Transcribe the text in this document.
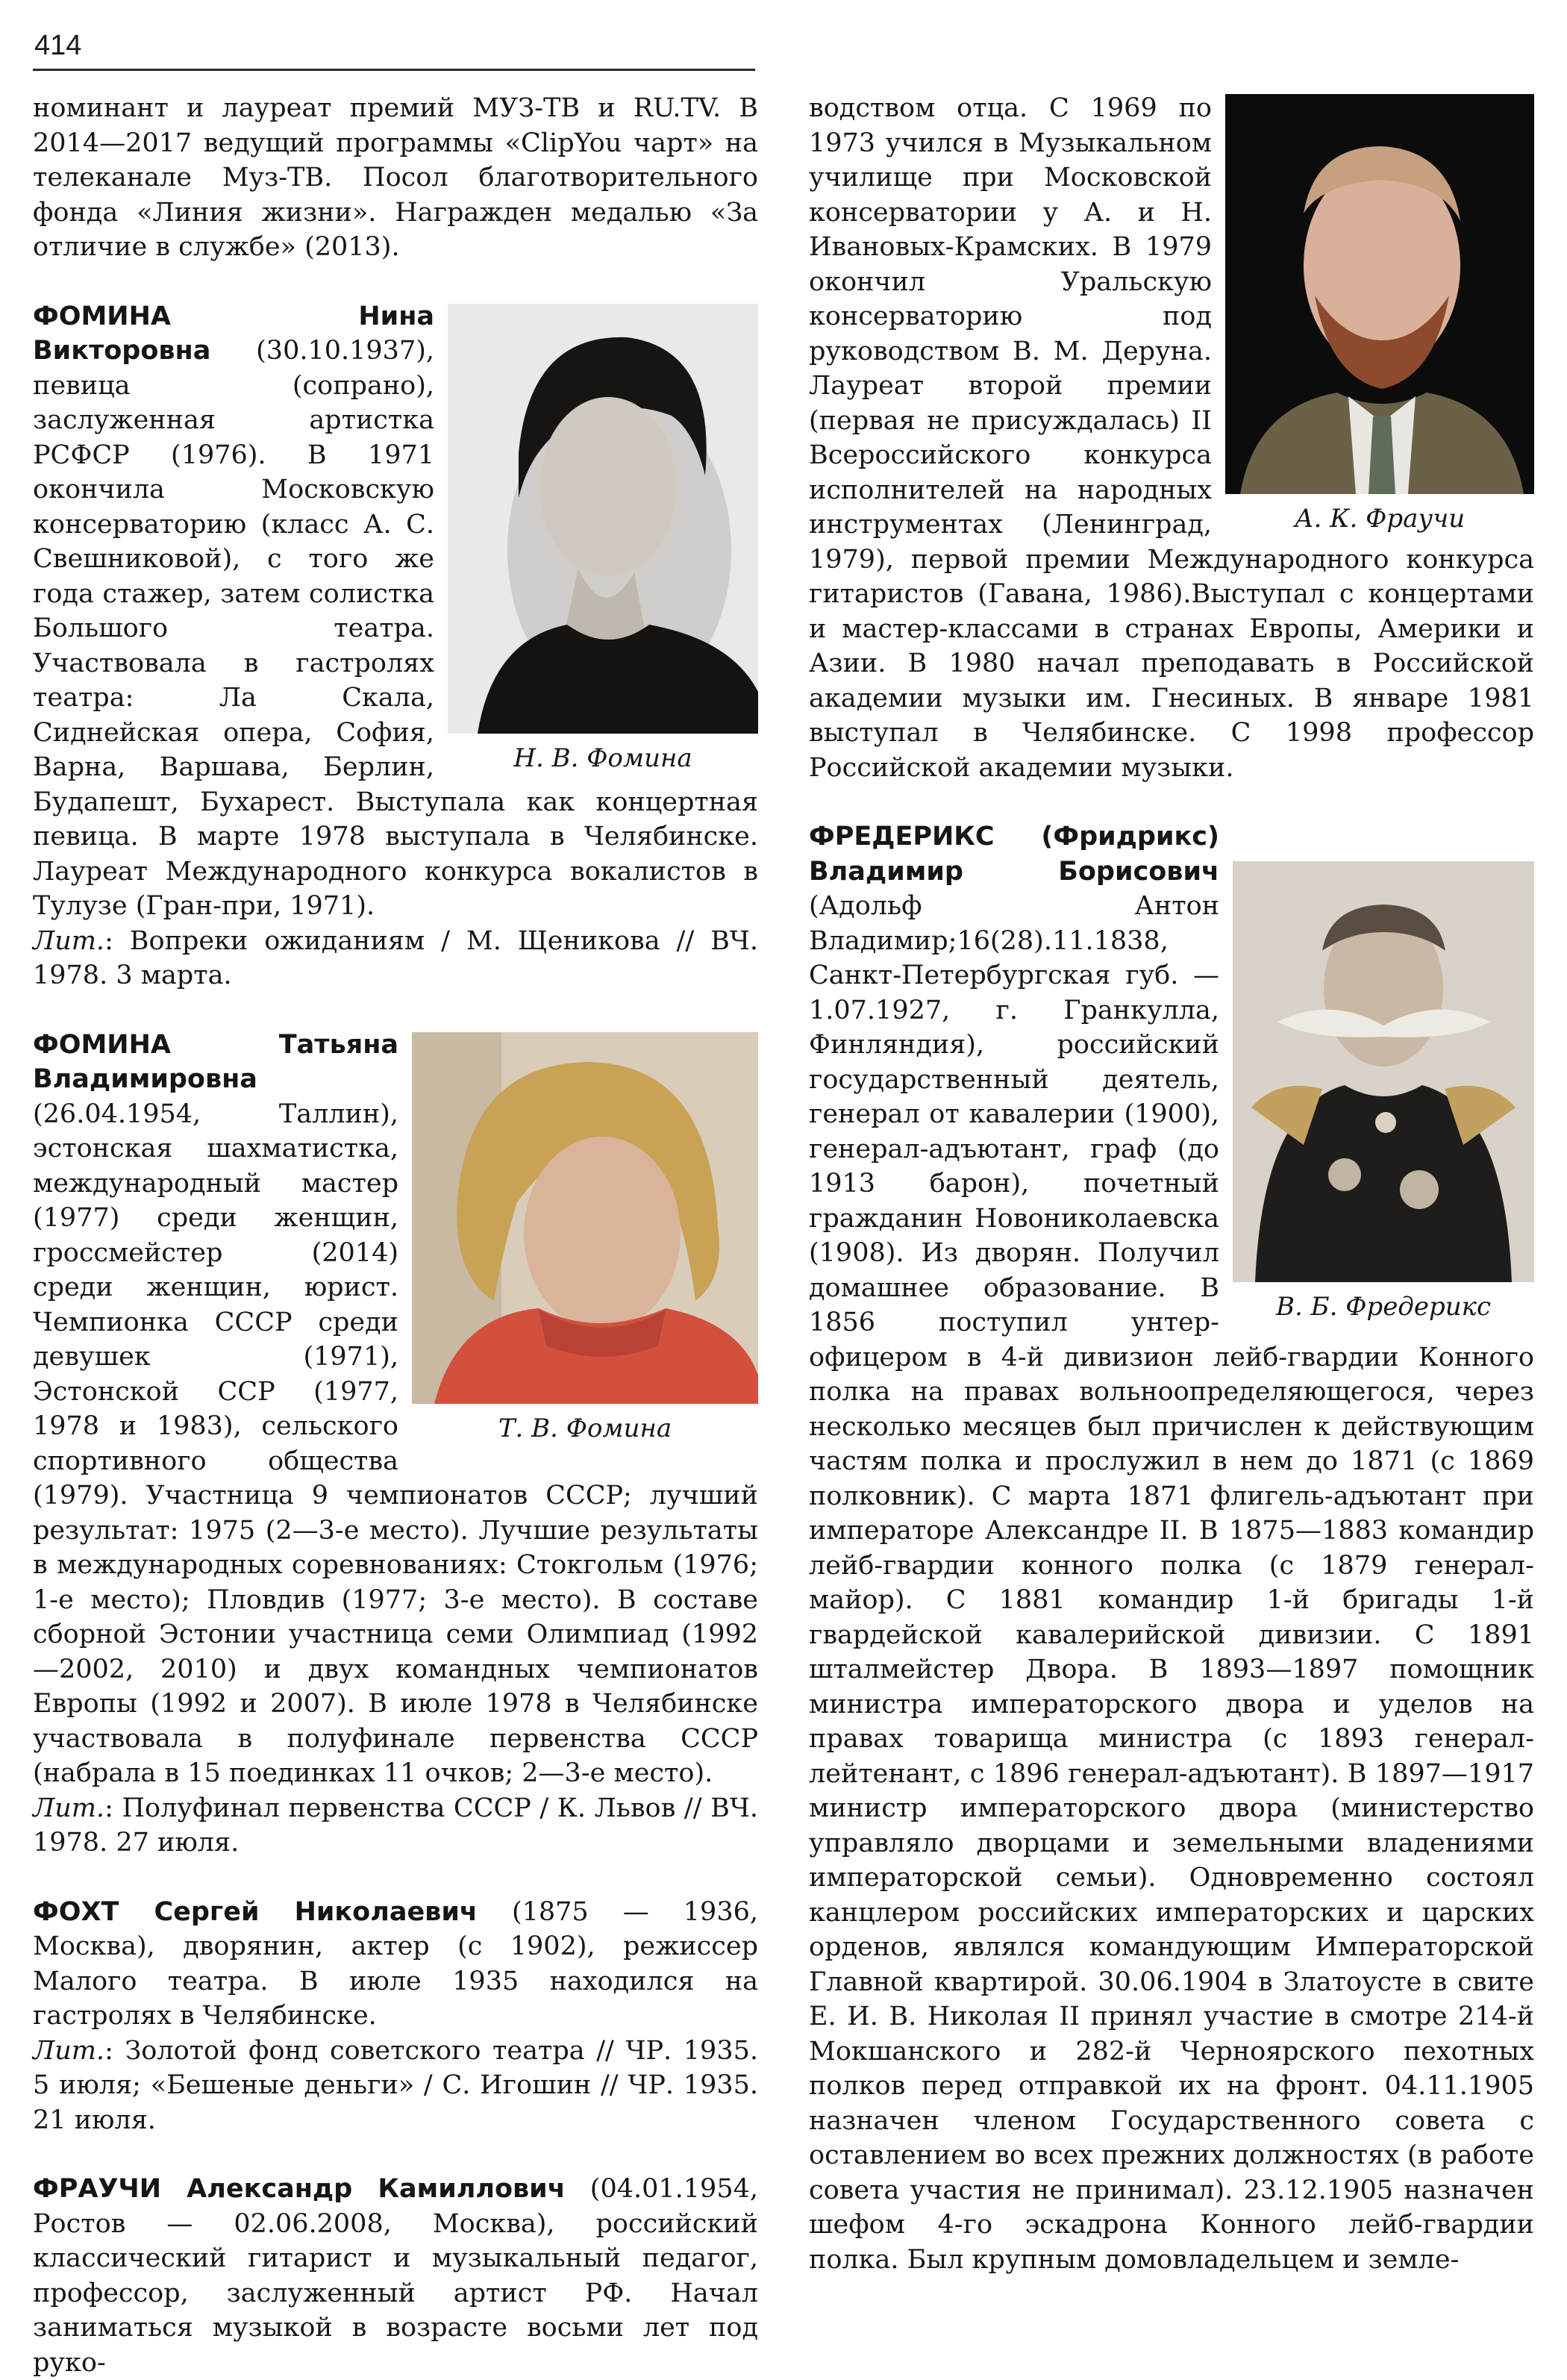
414

номинант и лауреат премий МУЗ-ТВ и RU.TV. В 2014—2017 ведущий программы «ClipYou чарт» на телеканале Муз-ТВ. Посол благотворительного фонда «Линия жизни». Награжден медалью «За отличие в службе» (2013).

Н. В. Фомина

ФОМИНА Нина Викторовна (30.10.1937), певица (сопрано), заслуженная артистка РСФСР (1976). В 1971 окончила Московскую консерваторию (класс А. С. Свешниковой), с того же года стажер, затем солистка Большого театра. Участвовала в гастролях театра: Ла Скала, Сиднейская опера, София, Варна, Варшава, Берлин, Будапешт, Бухарест. Выступала как концертная певица. В марте 1978 выступала в Челябинске. Лауреат Международного конкурса вокалистов в Тулузе (Гран-при, 1971).

Лит.: Вопреки ожиданиям / М. Щеникова // ВЧ. 1978. 3 марта.

Т. В. Фомина

ФОМИНА Татьяна Владимировна (26.04.1954, Таллин), эстонская шахматистка, международный мастер (1977) среди женщин, гроссмейстер (2014) среди женщин, юрист. Чемпионка СССР среди девушек (1971), Эстонской ССР (1977, 1978 и 1983), сельского спортивного общества (1979). Участница 9 чемпионатов СССР; лучший результат: 1975 (2—3-е место). Лучшие результаты в международных соревнованиях: Стокгольм (1976; 1-е место); Пловдив (1977; 3-е место). В составе сборной Эстонии участница семи Олимпиад (1992—2002, 2010) и двух командных чемпионатов Европы (1992 и 2007). В июле 1978 в Челябинске участвовала в полуфинале первенства СССР (набрала в 15 поединках 11 очков; 2—3-е место).

Лит.: Полуфинал первенства СССР / К. Львов // ВЧ. 1978. 27 июля.

ФОХТ Сергей Николаевич (1875 — 1936, Москва), дворянин, актер (с 1902), режиссер Малого театра. В июле 1935 находился на гастролях в Челябинске.

Лит.: Золотой фонд советского театра // ЧР. 1935. 5 июля; «Бешеные деньги» / С. Игошин // ЧР. 1935. 21 июля.

ФРАУЧИ Александр Камиллович (04.01.1954, Ростов — 02.06.2008, Москва), российский классический гитарист и музыкальный педагог, профессор, заслуженный артист РФ. Начал заниматься музыкой в возрасте восьми лет под руко-

А. К. Фраучи

водством отца. С 1969 по 1973 учился в Музыкальном училище при Московской консерватории у А. и Н. Ивановых-Крамских. В 1979 окончил Уральскую консерваторию под руководством В. М. Деруна. Лауреат второй премии (первая не присуждалась) II Всероссийского конкурса исполнителей на народных инструментах (Ленинград, 1979), первой премии Международного конкурса гитаристов (Гавана, 1986).Выступал с концертами и мастер-классами в странах Европы, Америки и Азии. В 1980 начал преподавать в Российской академии музыки им. Гнесиных. В январе 1981 выступал в Челябинске. С 1998 профессор Российской академии музыки.

В. Б. Фредерикс

ФРЕДЕРИКС (Фридрикс) Владимир Борисович (Адольф Антон Владимир;16(28).11.1838, Санкт-Петербургская губ. — 1.07.1927, г. Гранкулла, Финляндия), российский государственный деятель, генерал от кавалерии (1900), генерал-адъютант, граф (до 1913 барон), почетный гражданин Новониколаевска (1908). Из дворян. Получил домашнее образование. В 1856 поступил унтер-офицером в 4-й дивизион лейб-гвардии Конного полка на правах вольноопределяющегося, через несколько месяцев был причислен к действующим частям полка и прослужил в нем до 1871 (с 1869 полковник). С марта 1871 флигель-адъютант при императоре Александре II. В 1875—1883 командир лейб-гвардии конного полка (с 1879 генерал-майор). С 1881 командир 1-й бригады 1-й гвардейской кавалерийской дивизии. С 1891 шталмейстер Двора. В 1893—1897 помощник министра императорского двора и уделов на правах товарища министра (с 1893 генерал-лейтенант, с 1896 генерал-адъютант). В 1897—1917 министр императорского двора (министерство управляло дворцами и земельными владениями императорской семьи). Одновременно состоял канцлером российских императорских и царских орденов, являлся командующим Императорской Главной квартирой. 30.06.1904 в Златоусте в свите Е. И. В. Николая II принял участие в смотре 214-й Мокшанского и 282-й Черноярского пехотных полков перед отправкой их на фронт. 04.11.1905 назначен членом Государственного совета с оставлением во всех прежних должностях (в работе совета участия не принимал). 23.12.1905 назначен шефом 4-го эскадрона Конного лейб-гвардии полка. Был крупным домовладельцем и земле-
